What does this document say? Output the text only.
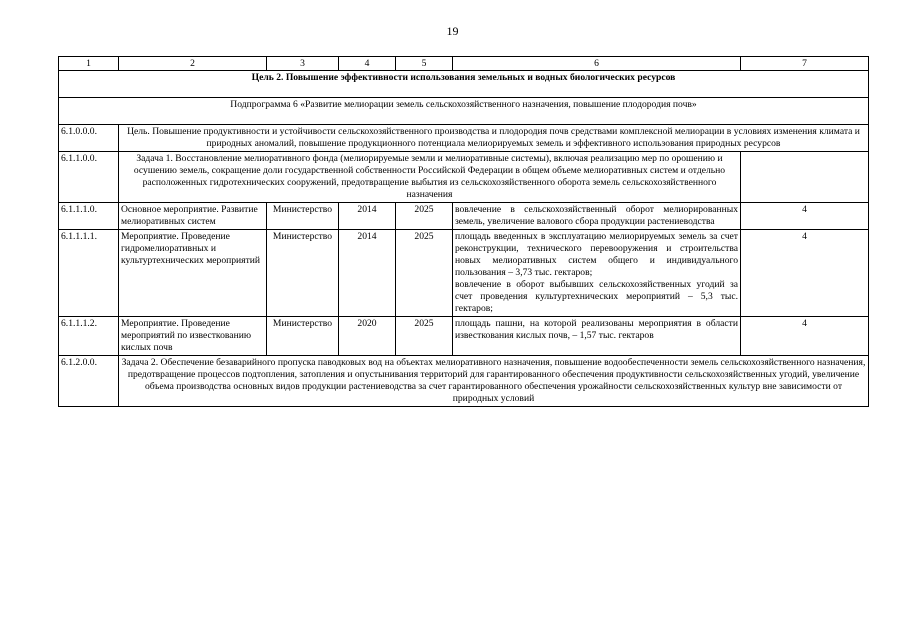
19
1	2	3	4	5	6	7
Цель 2. Повышение эффективности использования земельных и водных биологических ресурсов						
Подпрограмма 6 «Развитие мелиорации земель сельскохозяйственного назначения, повышение плодородия почв»						
6.1.0.0.0.	Цель. Повышение продуктивности и устойчивости сельскохозяйственного производства и плодородия почв средствами комплексной мелиорации в условиях изменения климата и природных аномалий, повышение продукционного потенциала мелиорируемых земель и эффективного использования природных ресурсов					
6.1.1.0.0.	Задача 1. Восстановление мелиоративного фонда (мелиорируемые земли и мелиоративные системы), включая реализацию мер по орошению и осушению земель, сокращение доли государственной собственности Российской Федерации в общем объеме мелиоративных систем и отдельно расположенных гидротехнических сооружений, предотвращение выбытия из сельскохозяйственного оборота земель сельскохозяйственного назначения					
6.1.1.1.0.	Основное мероприятие. Развитие мелиоративных систем	Министерство	2014	2025	вовлечение в сельскохозяйственный оборот мелиорированных земель, увеличение валового сбора продукции растениеводства	4
6.1.1.1.1.	Мероприятие. Проведение гидромелиоративных и культуртехнических мероприятий	Министерство	2014	2025	площадь введенных в эксплуатацию мелиорируемых земель за счет реконструкции, технического перевооружения и строительства новых мелиоративных систем общего и индивидуального пользования – 3,73 тыс. гектаров;
вовлечение в оборот выбывших сельскохозяйственных угодий за счет проведения культуртехнических мероприятий – 5,3 тыс. гектаров;	4
6.1.1.1.2.	Мероприятие. Проведение мероприятий по известкованию кислых почв	Министерство	2020	2025	площадь пашни, на которой реализованы мероприятия в области известкования кислых почв, – 1,57 тыс. гектаров	4
6.1.2.0.0.	Задача 2. Обеспечение безаварийного пропуска паводковых вод на объектах мелиоративного назначения, повышение водообеспеченности земель сельскохозяйственного назначения, предотвращение процессов подтопления, затопления и опустынивания территорий для гарантированного обеспечения продуктивности сельскохозяйственных угодий, увеличение объема производства основных видов продукции растениеводства за счет гарантированного обеспечения урожайности сельскохозяйственных культур вне зависимости от природных условий					
